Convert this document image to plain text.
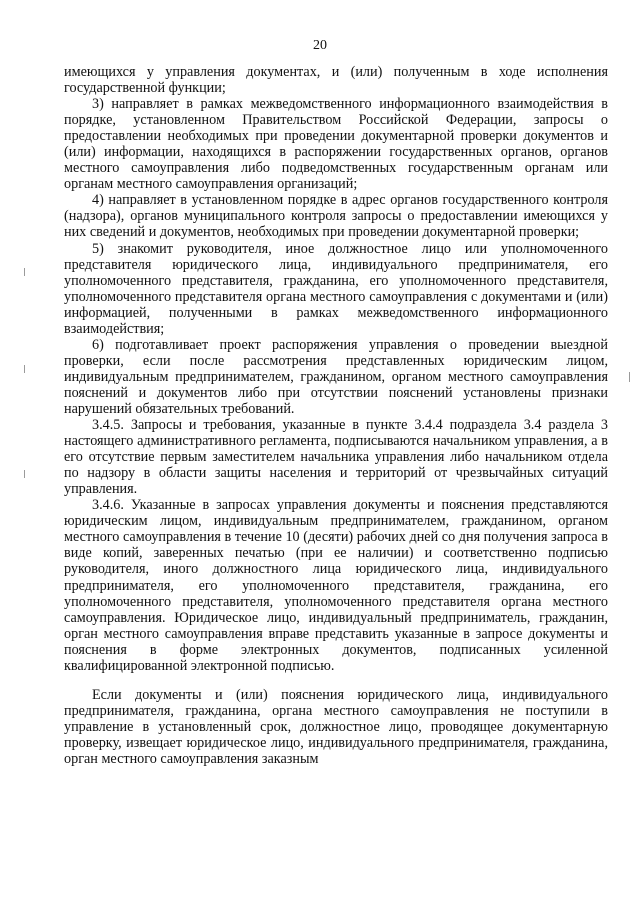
20

имеющихся у управления документах, и (или) полученным в ходе исполнения государственной функции;

3) направляет в рамках межведомственного информационного взаимодействия в порядке, установленном Правительством Российской Федерации, запросы о предоставлении необходимых при проведении документарной проверки документов и (или) информации, находящихся в распоряжении государственных органов, органов местного самоуправления либо подведомственных государственным органам или органам местного самоуправления организаций;

4) направляет в установленном порядке в адрес органов государственного контроля (надзора), органов муниципального контроля запросы о предоставлении имеющихся у них сведений и документов, необходимых при проведении документарной проверки;

5) знакомит руководителя, иное должностное лицо или уполномоченного представителя юридического лица, индивидуального предпринимателя, его уполномоченного представителя, гражданина, его уполномоченного представителя, уполномоченного представителя органа местного самоуправления с документами и (или) информацией, полученными в рамках межведомственного информационного взаимодействия;

6) подготавливает проект распоряжения управления о проведении выездной проверки, если после рассмотрения представленных юридическим лицом, индивидуальным предпринимателем, гражданином, органом местного самоуправления пояснений и документов либо при отсутствии пояснений установлены признаки нарушений обязательных требований.

3.4.5. Запросы и требования, указанные в пункте 3.4.4 подраздела 3.4 раздела 3 настоящего административного регламента, подписываются начальником управления, а в его отсутствие первым заместителем начальника управления либо начальником отдела по надзору в области защиты населения и территорий от чрезвычайных ситуаций управления.

3.4.6. Указанные в запросах управления документы и пояснения представляются юридическим лицом, индивидуальным предпринимателем, гражданином, органом местного самоуправления в течение 10 (десяти) рабочих дней со дня получения запроса в виде копий, заверенных печатью (при ее наличии) и соответственно подписью руководителя, иного должностного лица юридического лица, индивидуального предпринимателя, его уполномоченного представителя, гражданина, его уполномоченного представителя, уполномоченного представителя органа местного самоуправления. Юридическое лицо, индивидуальный предприниматель, гражданин, орган местного самоуправления вправе представить указанные в запросе документы и пояснения в форме электронных документов, подписанных усиленной квалифицированной электронной подписью.

Если документы и (или) пояснения юридического лица, индивидуального предпринимателя, гражданина, органа местного самоуправления не поступили в управление в установленный срок, должностное лицо, проводящее документарную проверку, извещает юридическое лицо, индивидуального предпринимателя, гражданина, орган местного самоуправления заказным
